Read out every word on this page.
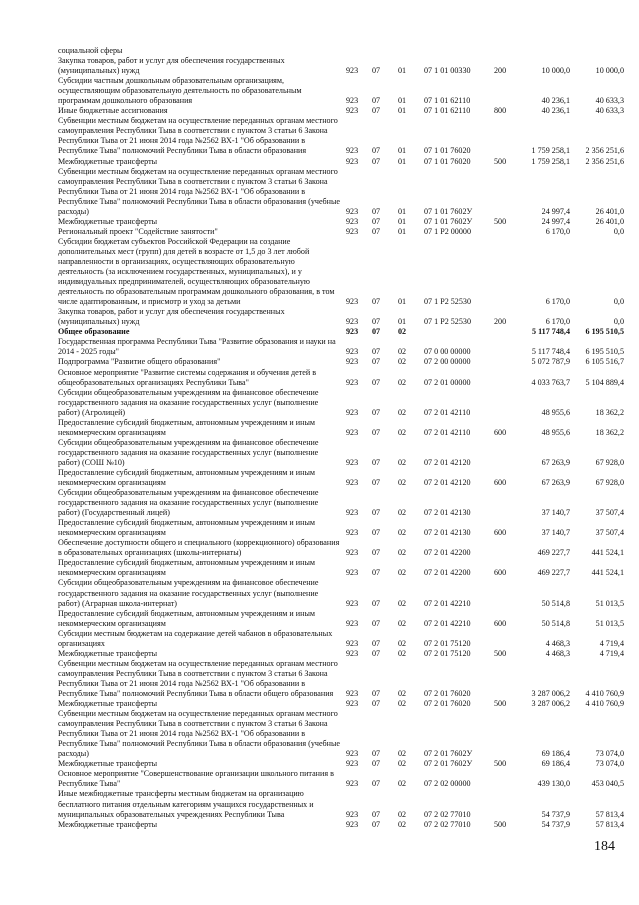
социальной сферы							
Закупка товаров, работ и услуг для обеспечения государственных (муниципальных) нужд	923	07	01	07 1 01 00330	200	10 000,0	10 000,0
Субсидии частным дошкольным образовательным организациям, осуществляющим образовательную деятельность по образовательным программам дошкольного образования	923	07	01	07 1 01 62110		40 236,1	40 633,3
Иные бюджетные ассигнования	923	07	01	07 1 01 62110	800	40 236,1	40 633,3
Субвенции местным бюджетам на осуществление переданных органам местного самоуправления Республики Тыва в соответствии с пунктом 3 статьи 6 Закона Республики Тыва от 21 июня 2014 года №2562 ВХ-1 "Об образовании в Республике Тыва" полномочий Республики Тыва в области образования	923	07	01	07 1 01 76020		1 759 258,1	2 356 251,6
Межбюджетные трансферты	923	07	01	07 1 01 76020	500	1 759 258,1	2 356 251,6
Субвенции местным бюджетам на осуществление переданных органам местного самоуправления Республики Тыва в соответствии с пунктом 3 статьи 6 Закона Республики Тыва от 21 июня 2014 года №2562 ВХ-1 "Об образовании в Республике Тыва" полномочий Республики Тыва в области образования (учебные расходы)	923	07	01	07 1 01 7602У		24 997,4	26 401,0
Межбюджетные трансферты	923	07	01	07 1 01 7602У	500	24 997,4	26 401,0
Региональный проект "Содействие занятости"	923	07	01	07 1 P2 00000		6 170,0	0,0
Субсидии бюджетам субъектов Российской Федерации на создание дополнительных мест (групп) для детей в возрасте от 1,5 до 3 лет любой направленности в организациях, осуществляющих образовательную деятельность (за исключением государственных, муниципальных), и у индивидуальных предпринимателей, осуществляющих образовательную деятельность по образовательным программам дошкольного образования, в том числе адаптированным, и присмотр и уход за детьми	923	07	01	07 1 P2 52530		6 170,0	0,0
Закупка товаров, работ и услуг для обеспечения государственных (муниципальных) нужд	923	07	01	07 1 P2 52530	200	6 170,0	0,0
Общее образование	923	07	02			5 117 748,4	6 195 510,5
Государственная программа Республики Тыва "Развитие образования и науки на 2014 - 2025 годы"	923	07	02	07 0 00 00000		5 117 748,4	6 195 510,5
Подпрограмма "Развитие общего образования"	923	07	02	07 2 00 00000		5 072 787,9	6 105 516,7
Основное мероприятие "Развитие системы содержания и обучения детей в общеобразовательных организациях Республики Тыва"	923	07	02	07 2 01 00000		4 033 763,7	5 104 889,4
Субсидии общеобразовательным учреждениям на финансовое обеспечение государственного задания на оказание государственных услуг (выполнение работ) (Агролицей)	923	07	02	07 2 01 42110		48 955,6	18 362,2
Предоставление субсидий бюджетным, автономным учреждениям и иным некоммерческим организациям	923	07	02	07 2 01 42110	600	48 955,6	18 362,2
Субсидии общеобразовательным учреждениям на финансовое обеспечение государственного задания на оказание государственных услуг (выполнение работ) (СОШ №10)	923	07	02	07 2 01 42120		67 263,9	67 928,0
Предоставление субсидий бюджетным, автономным учреждениям и иным некоммерческим организациям	923	07	02	07 2 01 42120	600	67 263,9	67 928,0
Субсидии общеобразовательным учреждениям на финансовое обеспечение государственного задания на оказание государственных услуг (выполнение работ) (Государственный лицей)	923	07	02	07 2 01 42130		37 140,7	37 507,4
Предоставление субсидий бюджетным, автономным учреждениям и иным некоммерческим организациям	923	07	02	07 2 01 42130	600	37 140,7	37 507,4
Обеспечение доступности общего и специального (коррекционного) образования в образовательных организациях (школы-интернаты)	923	07	02	07 2 01 42200		469 227,7	441 524,1
Предоставление субсидий бюджетным, автономным учреждениям и иным некоммерческим организациям	923	07	02	07 2 01 42200	600	469 227,7	441 524,1
Субсидии общеобразовательным учреждениям на финансовое обеспечение государственного задания на оказание государственных услуг (выполнение работ) (Аграрная школа-интернат)	923	07	02	07 2 01 42210		50 514,8	51 013,5
Предоставление субсидий бюджетным, автономным учреждениям и иным некоммерческим организациям	923	07	02	07 2 01 42210	600	50 514,8	51 013,5
Субсидии местным бюджетам на содержание детей чабанов в образовательных организациях	923	07	02	07 2 01 75120		4 468,3	4 719,4
Межбюджетные трансферты	923	07	02	07 2 01 75120	500	4 468,3	4 719,4
Субвенции местным бюджетам на осуществление переданных органам местного самоуправления Республики Тыва в соответствии с пунктом 3 статьи 6 Закона Республики Тыва от 21 июня 2014 года №2562 ВХ-1 "Об образовании в Республике Тыва" полномочий Республики Тыва в области общего образования	923	07	02	07 2 01 76020		3 287 006,2	4 410 760,9
Межбюджетные трансферты	923	07	02	07 2 01 76020	500	3 287 006,2	4 410 760,9
Субвенции местным бюджетам на осуществление переданных органам местного самоуправления Республики Тыва в соответствии с пунктом 3 статьи 6 Закона Республики Тыва от 21 июня 2014 года №2562 ВХ-1 "Об образовании в Республике Тыва" полномочий Республики Тыва в области образования (учебные расходы)	923	07	02	07 2 01 7602У		69 186,4	73 074,0
Межбюджетные трансферты	923	07	02	07 2 01 7602У	500	69 186,4	73 074,0
Основное мероприятие "Совершенствование организации школьного питания в Республике Тыва"	923	07	02	07 2 02 00000		439 130,0	453 040,5
Иные межбюджетные трансферты местным бюджетам на организацию бесплатного питания отдельным категориям учащихся государственных и муниципальных образовательных учреждениях Республики Тыва	923	07	02	07 2 02 77010		54 737,9	57 813,4
Межбюджетные трансферты	923	07	02	07 2 02 77010	500	54 737,9	57 813,4
184
